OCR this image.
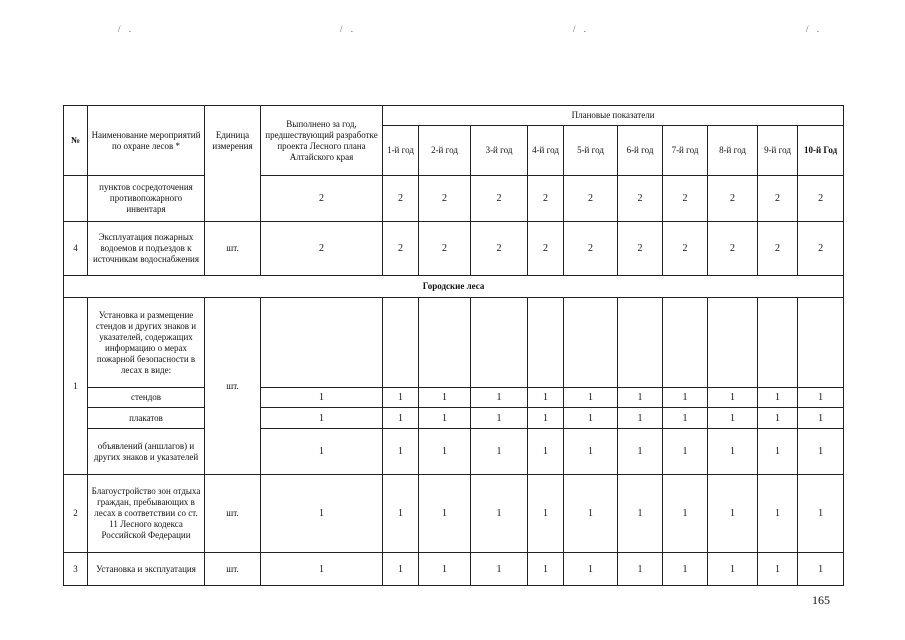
/ .	/ .	/ .	/ .
№	Наименование мероприятий по охране лесов *	Единица измерения	Выполнено за год, предшествующий разработке проекта Лесного плана Алтайского края	Плановые показатели									
				1-й год	2-й год	3-й год	4-й год	5-й год	6-й год	7-й год	8-й год	9-й год	10-й Год
	пунктов сосредоточения противопожарного инвентаря		2	2	2	2	2	2	2	2	2	2	2
4	Эксплуатация пожарных водоемов и подъездов к источникам водоснабжения	шт.	2	2	2	2	2	2	2	2	2	2	2
Городские леса													
1	Установка и размещение стендов и других знаков и указателей, содержащих информацию о мерах пожарной безопасности в лесах в виде:	шт.											
	стендов		1	1	1	1	1	1	1	1	1	1	1
	плакатов		1	1	1	1	1	1	1	1	1	1	1
	объявлений (аншлагов) и других знаков и указателей		1	1	1	1	1	1	1	1	1	1	1
2	Благоустройство зон отдыха граждан, пребывающих в лесах в соответствии со ст. 11 Лесного кодекса Российской Федерации	шт.	1	1	1	1	1	1	1	1	1	1	1
3	Установка и эксплуатация	шт.	1	1	1	1	1	1	1	1	1	1	1
165
